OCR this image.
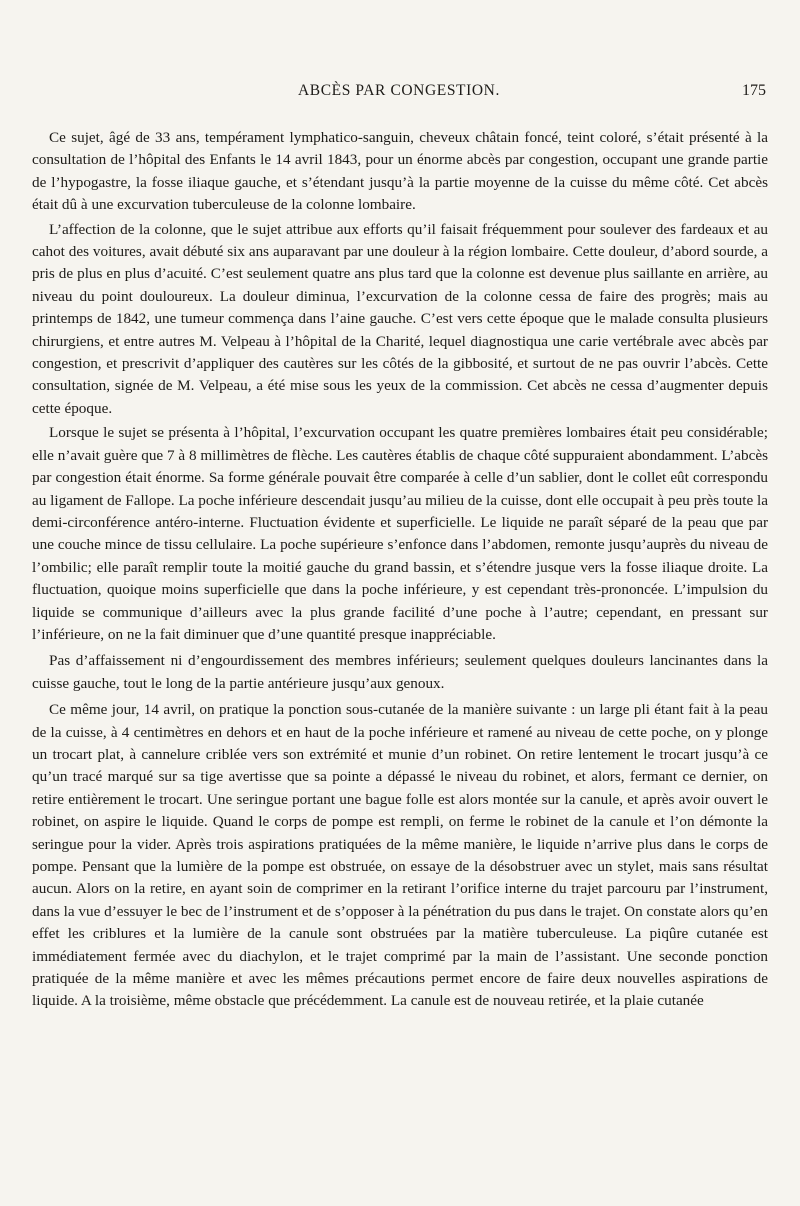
ABCÈS PAR CONGESTION.	175

Ce sujet, âgé de 33 ans, tempérament lymphatico-sanguin, cheveux châtain foncé, teint coloré, s’était présenté à la consultation de l’hôpital des Enfants le 14 avril 1843, pour un énorme abcès par congestion, occupant une grande partie de l’hypogastre, la fosse iliaque gauche, et s’étendant jusqu’à la partie moyenne de la cuisse du même côté. Cet abcès était dû à une excurvation tuberculeuse de la colonne lombaire.

L’affection de la colonne, que le sujet attribue aux efforts qu’il faisait fréquemment pour soulever des fardeaux et au cahot des voitures, avait débuté six ans auparavant par une douleur à la région lombaire. Cette douleur, d’abord sourde, a pris de plus en plus d’acuité. C’est seulement quatre ans plus tard que la colonne est devenue plus saillante en arrière, au niveau du point douloureux. La douleur diminua, l’excurvation de la colonne cessa de faire des progrès; mais au printemps de 1842, une tumeur commença dans l’aine gauche. C’est vers cette époque que le malade consulta plusieurs chirurgiens, et entre autres M. Velpeau à l’hôpital de la Charité, lequel diagnostiqua une carie vertébrale avec abcès par congestion, et prescrivit d’appliquer des cautères sur les côtés de la gibbosité, et surtout de ne pas ouvrir l’abcès. Cette consultation, signée de M. Velpeau, a été mise sous les yeux de la commission. Cet abcès ne cessa d’augmenter depuis cette époque.

Lorsque le sujet se présenta à l’hôpital, l’excurvation occupant les quatre premières lombaires était peu considérable; elle n’avait guère que 7 à 8 millimètres de flèche. Les cautères établis de chaque côté suppuraient abondamment. L’abcès par congestion était énorme. Sa forme générale pouvait être comparée à celle d’un sablier, dont le collet eût correspondu au ligament de Fallope. La poche inférieure descendait jusqu’au milieu de la cuisse, dont elle occupait à peu près toute la demi-circonférence antéro-interne. Fluctuation évidente et superficielle. Le liquide ne paraît séparé de la peau que par une couche mince de tissu cellulaire. La poche supérieure s’enfonce dans l’abdomen, remonte jusqu’auprès du niveau de l’ombilic; elle paraît remplir toute la moitié gauche du grand bassin, et s’étendre jusque vers la fosse iliaque droite. La fluctuation, quoique moins superficielle que dans la poche inférieure, y est cependant très-prononcée. L’impulsion du liquide se communique d’ailleurs avec la plus grande facilité d’une poche à l’autre; cependant, en pressant sur l’inférieure, on ne la fait diminuer que d’une quantité presque inappréciable.

Pas d’affaissement ni d’engourdissement des membres inférieurs; seulement quelques douleurs lancinantes dans la cuisse gauche, tout le long de la partie antérieure jusqu’aux genoux.

Ce même jour, 14 avril, on pratique la ponction sous-cutanée de la manière suivante : un large pli étant fait à la peau de la cuisse, à 4 centimètres en dehors et en haut de la poche inférieure et ramené au niveau de cette poche, on y plonge un trocart plat, à cannelure criblée vers son extrémité et munie d’un robinet. On retire lentement le trocart jusqu’à ce qu’un tracé marqué sur sa tige avertisse que sa pointe a dépassé le niveau du robinet, et alors, fermant ce dernier, on retire entièrement le trocart. Une seringue portant une bague folle est alors montée sur la canule, et après avoir ouvert le robinet, on aspire le liquide. Quand le corps de pompe est rempli, on ferme le robinet de la canule et l’on démonte la seringue pour la vider. Après trois aspirations pratiquées de la même manière, le liquide n’arrive plus dans le corps de pompe. Pensant que la lumière de la pompe est obstruée, on essaye de la désobstruer avec un stylet, mais sans résultat aucun. Alors on la retire, en ayant soin de comprimer en la retirant l’orifice interne du trajet parcouru par l’instrument, dans la vue d’essuyer le bec de l’instrument et de s’opposer à la pénétration du pus dans le trajet. On constate alors qu’en effet les criblures et la lumière de la canule sont obstruées par la matière tuberculeuse. La piqûre cutanée est immédiatement fermée avec du diachylon, et le trajet comprimé par la main de l’assistant. Une seconde ponction pratiquée de la même manière et avec les mêmes précautions permet encore de faire deux nouvelles aspirations de liquide. A la troisième, même obstacle que précédemment. La canule est de nouveau retirée, et la plaie cutanée
